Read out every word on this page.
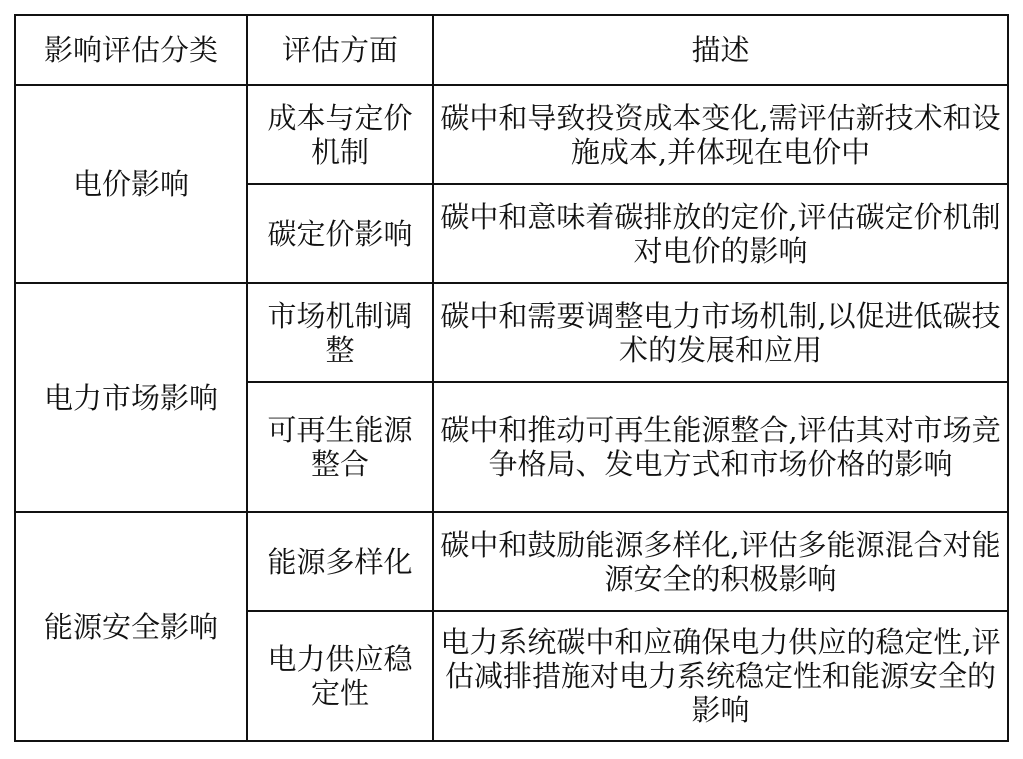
影响评估分类	评估方面	描述
电价影响	成本与定价机制	碳中和导致投资成本变化,需评估新技术和设施成本,并体现在电价中
	碳定价影响	碳中和意味着碳排放的定价,评估碳定价机制对电价的影响
电力市场影响	市场机制调整	碳中和需要调整电力市场机制,以促进低碳技术的发展和应用
	可再生能源整合	碳中和推动可再生能源整合,评估其对市场竞争格局、发电方式和市场价格的影响
能源安全影响	能源多样化	碳中和鼓励能源多样化,评估多能源混合对能源安全的积极影响
	电力供应稳定性	电力系统碳中和应确保电力供应的稳定性,评估减排措施对电力系统稳定性和能源安全的影响
